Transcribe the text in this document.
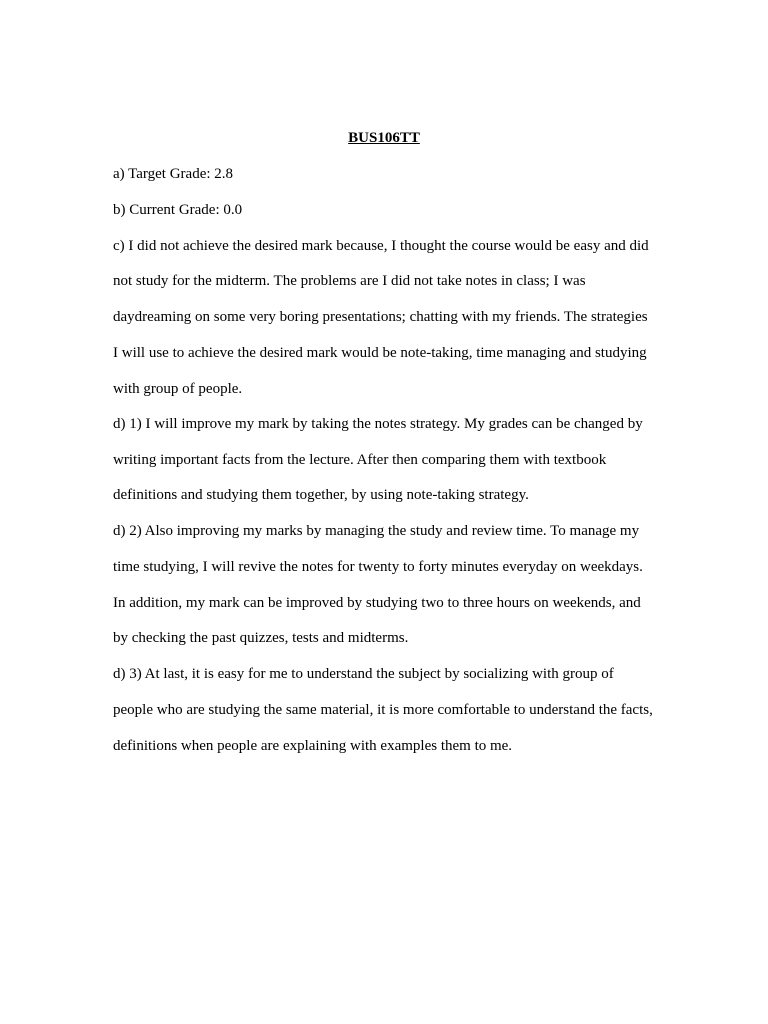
BUS106TT

a) Target Grade: 2.8

b) Current Grade: 0.0

c) I did not achieve the desired mark because, I thought the course would be easy and did

not study for the midterm. The problems are I did not take notes in class; I was

daydreaming on some very boring presentations; chatting with my friends. The strategies

I will use to achieve the desired mark would be note-taking, time managing and studying

with group of people.

d) 1) I will improve my mark by taking the notes strategy. My grades can be changed by

writing important facts from the lecture. After then comparing them with textbook

definitions and studying them together, by using note-taking strategy.

d) 2) Also improving my marks by managing the study and review time. To manage my

time studying, I will revive the notes for twenty to forty minutes everyday on weekdays.

In addition, my mark can be improved by studying two to three hours on weekends, and

by checking the past quizzes, tests and midterms.

d) 3) At last, it is easy for me to understand the subject by socializing with group of

people who are studying the same material, it is more comfortable to understand the facts,

definitions when people are explaining with examples them to me.
